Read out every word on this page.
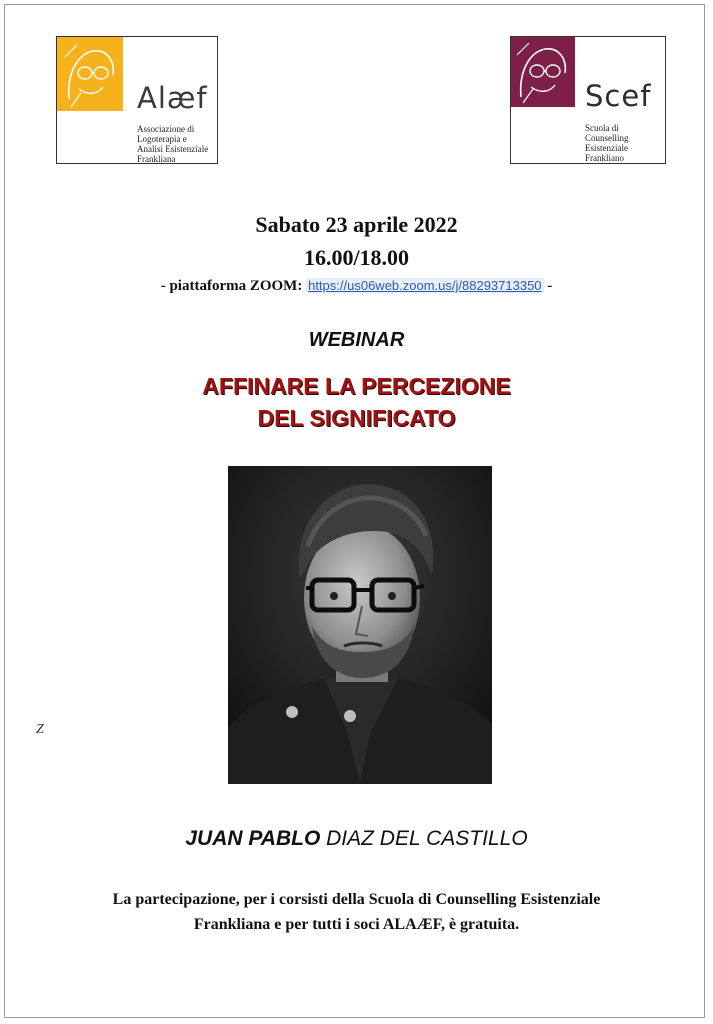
Alæf
Associazione di
Logoterapia e
Analisi Esistenziale
Frankliana
Scef
Scuola di
Counselling
Esistenziale
Frankliano
Sabato 23 aprile 2022
16.00/18.00
- piattaforma ZOOM: https://us06web.zoom.us/j/88293713350 -
WEBINAR
AFFINARE LA PERCEZIONE
DEL SIGNIFICATO
Z
JUAN PABLO DIAZ DEL CASTILLO
La partecipazione, per i corsisti della Scuola di Counselling Esistenziale
Frankliana e per tutti i soci ALAÆF, è gratuita.
